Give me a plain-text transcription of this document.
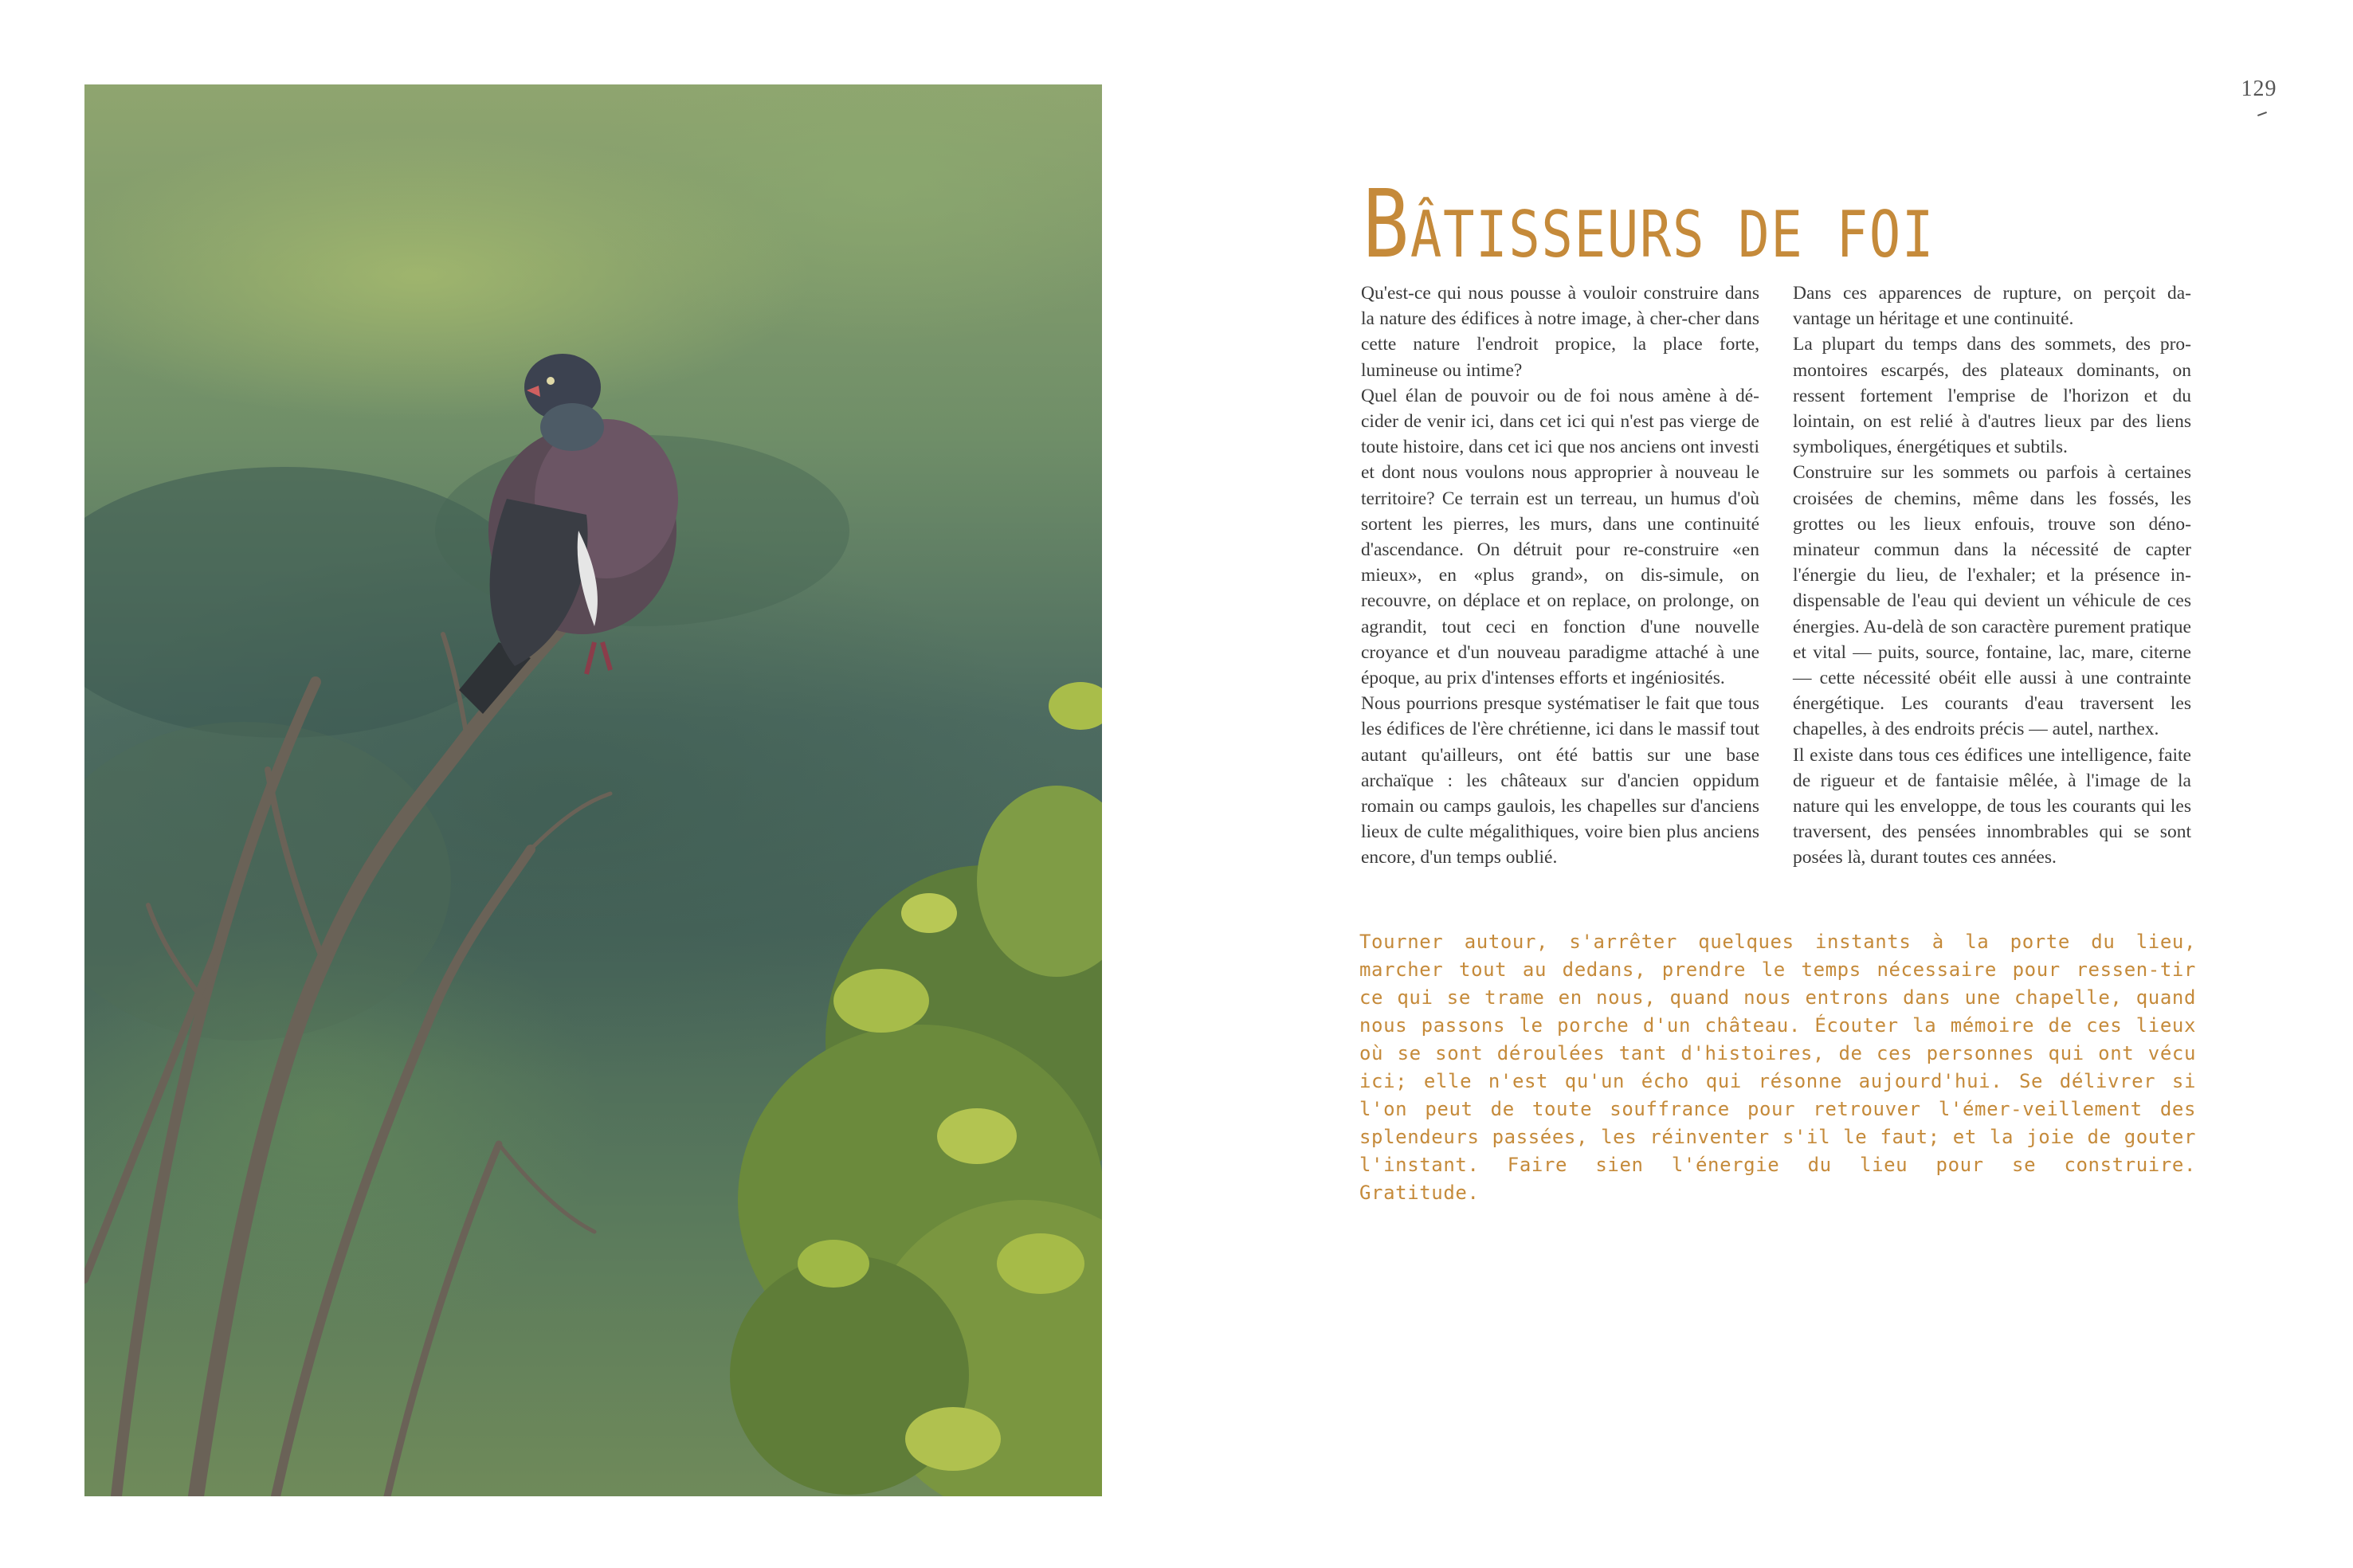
129
BÂTISSEURS DE FOI

Qu'est-ce qui nous pousse à vouloir construire dans la nature des édifices à notre image, à cher-cher dans cette nature l'endroit propice, la place forte, lumineuse ou intime?

Quel élan de pouvoir ou de foi nous amène à dé-cider de venir ici, dans cet ici qui n'est pas vierge de toute histoire, dans cet ici que nos anciens ont investi et dont nous voulons nous approprier à nouveau le territoire? Ce terrain est un terreau, un humus d'où sortent les pierres, les murs, dans une continuité d'ascendance. On détruit pour re-construire «en mieux», en «plus grand», on dis-simule, on recouvre, on déplace et on replace, on prolonge, on agrandit, tout ceci en fonction d'une nouvelle croyance et d'un nouveau paradigme attaché à une époque, au prix d'intenses efforts et ingéniosités.

Nous pourrions presque systématiser le fait que tous les édifices de l'ère chrétienne, ici dans le massif tout autant qu'ailleurs, ont été battis sur une base archaïque : les châteaux sur d'ancien oppidum romain ou camps gaulois, les chapelles sur d'anciens lieux de culte mégalithiques, voire bien plus anciens encore, d'un temps oublié.

Dans ces apparences de rupture, on perçoit da-vantage un héritage et une continuité.

La plupart du temps dans des sommets, des pro-montoires escarpés, des plateaux dominants, on ressent fortement l'emprise de l'horizon et du lointain, on est relié à d'autres lieux par des liens symboliques, énergétiques et subtils.

Construire sur les sommets ou parfois à certaines croisées de chemins, même dans les fossés, les grottes ou les lieux enfouis, trouve son déno-minateur commun dans la nécessité de capter l'énergie du lieu, de l'exhaler; et la présence in-dispensable de l'eau qui devient un véhicule de ces énergies. Au-delà de son caractère purement pratique et vital — puits, source, fontaine, lac, mare, citerne — cette nécessité obéit elle aussi à une contrainte énergétique. Les courants d'eau traversent les chapelles, à des endroits précis — autel, narthex.

Il existe dans tous ces édifices une intelligence, faite de rigueur et de fantaisie mêlée, à l'image de la nature qui les enveloppe, de tous les courants qui les traversent, des pensées innombrables qui se sont posées là, durant toutes ces années.

Tourner autour, s'arrêter quelques instants à la porte du lieu, marcher tout au dedans, prendre le temps nécessaire pour ressen-tir ce qui se trame en nous, quand nous entrons dans une chapelle, quand nous passons le porche d'un château. Écouter la mémoire de ces lieux où se sont déroulées tant d'histoires, de ces personnes qui ont vécu ici; elle n'est qu'un écho qui résonne aujourd'hui. Se délivrer si l'on peut de toute souffrance pour retrouver l'émer-veillement des splendeurs passées, les réinventer s'il le faut; et la joie de gouter l'instant. Faire sien l'énergie du lieu pour se construire. Gratitude.
